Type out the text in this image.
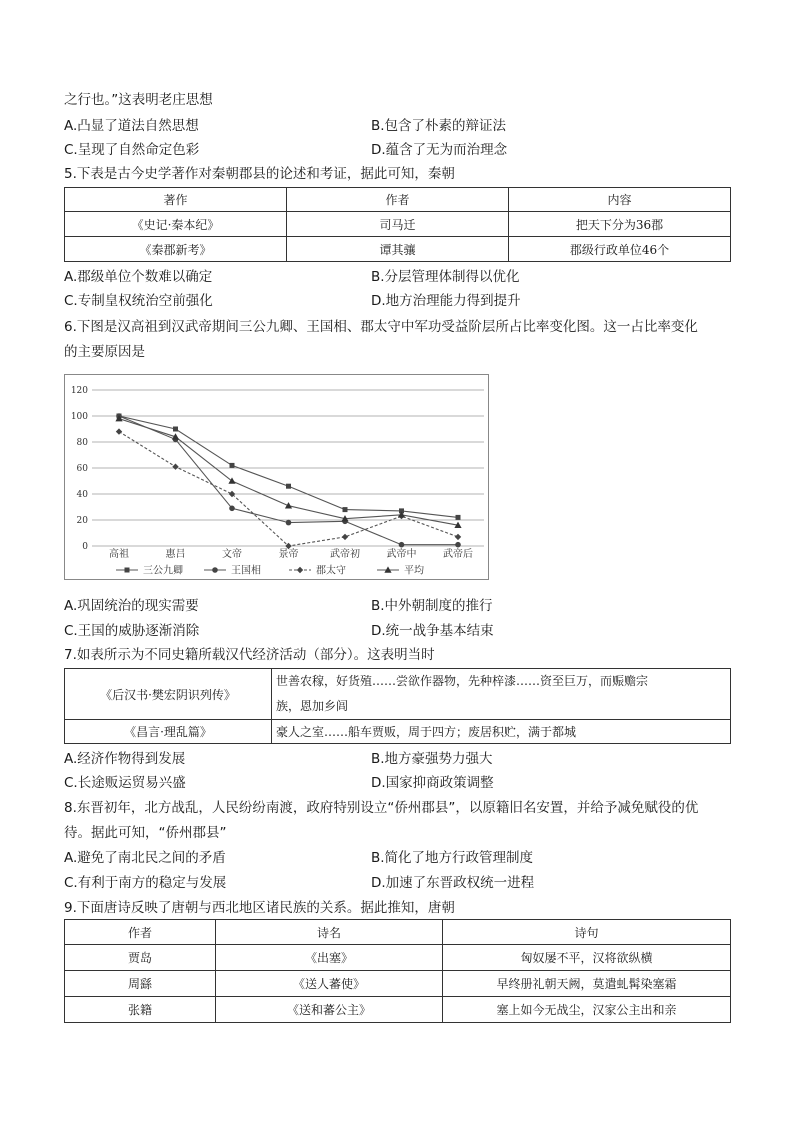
之行也。”这表明老庄思想
A.凸显了道法自然思想	B.包含了朴素的辩证法
C.呈现了自然命定色彩	D.蕴含了无为而治理念
5.下表是古今史学著作对秦朝郡县的论述和考证，据此可知，秦朝
著作	作者	内容
《史记·秦本纪》	司马迁	把天下分为36郡
《秦郡新考》	谭其骧	郡级行政单位46个
A.郡级单位个数难以确定	B.分层管理体制得以优化
C.专制皇权统治空前强化	D.地方治理能力得到提升
6.下图是汉高祖到汉武帝期间三公九卿、王国相、郡太守中军功受益阶层所占比率变化图。这一占比率变化
的主要原因是
0
20
40
60
80
100
120
高祖	惠吕	文帝	景帝	武帝初	武帝中	武帝后
三公九卿	王国相	郡太守	平均
A.巩固统治的现实需要	B.中外朝制度的推行
C.王国的威胁逐渐消除	D.统一战争基本结束
7.如表所示为不同史籍所载汉代经济活动（部分）。这表明当时
《后汉书·樊宏阴识列传》	世善农稼，好货殖……尝欲作器物，先种梓漆……资至巨万，而赈赡宗
族，恩加乡闾

《昌言·理乱篇》	豪人之室……船车贾贩，周于四方；废居积贮，满于都城
A.经济作物得到发展	B.地方豪强势力强大
C.长途贩运贸易兴盛	D.国家抑商政策调整
8.东晋初年，北方战乱，人民纷纷南渡，政府特别设立“侨州郡县”，以原籍旧名安置，并给予减免赋役的优
待。据此可知，“侨州郡县”
A.避免了南北民之间的矛盾	B.简化了地方行政管理制度
C.有利于南方的稳定与发展	D.加速了东晋政权统一进程
9.下面唐诗反映了唐朝与西北地区诸民族的关系。据此推知，唐朝
作者	诗名	诗句
贾岛	《出塞》	匈奴屡不平，汉将欲纵横
周繇	《送人蕃使》	早终册礼朝天阙，莫遣虬髯染塞霜
张籍	《送和蕃公主》	塞上如今无战尘，汉家公主出和亲
